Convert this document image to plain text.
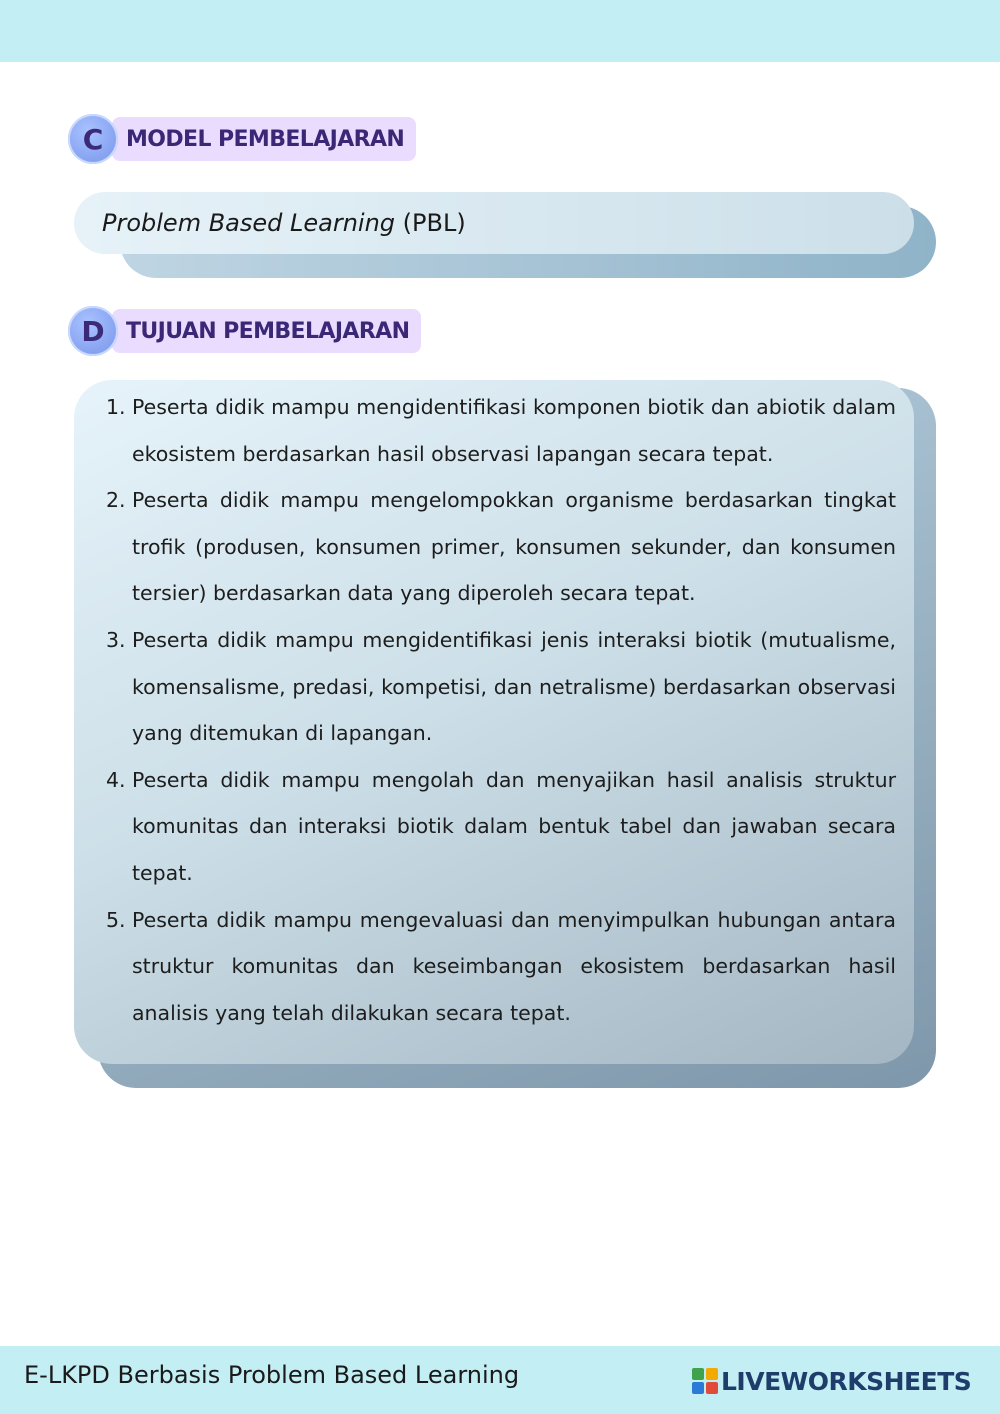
C	MODEL PEMBELAJARAN
Problem Based Learning (PBL)
D TUJUAN PEMBELAJARAN
1. Peserta didik mampu mengidentifikasi komponen biotik dan abiotik dalam ekosistem berdasarkan hasil observasi lapangan secara tepat.
2. Peserta didik mampu mengelompokkan organisme berdasarkan tingkat trofik (produsen, konsumen primer, konsumen sekunder, dan konsumen tersier) berdasarkan data yang diperoleh secara tepat.
3. Peserta didik mampu mengidentifikasi jenis interaksi biotik (mutualisme, komensalisme, predasi, kompetisi, dan netralisme) berdasarkan observasi yang ditemukan di lapangan.
4. Peserta didik mampu mengolah dan menyajikan hasil analisis struktur komunitas dan interaksi biotik dalam bentuk tabel dan jawaban secara tepat.
5. Peserta didik mampu mengevaluasi dan menyimpulkan hubungan antara struktur komunitas dan keseimbangan ekosistem berdasarkan hasil analisis yang telah dilakukan secara tepat.
E-LKPD Berbasis Problem Based Learning	LIVEWORKSHEETS
